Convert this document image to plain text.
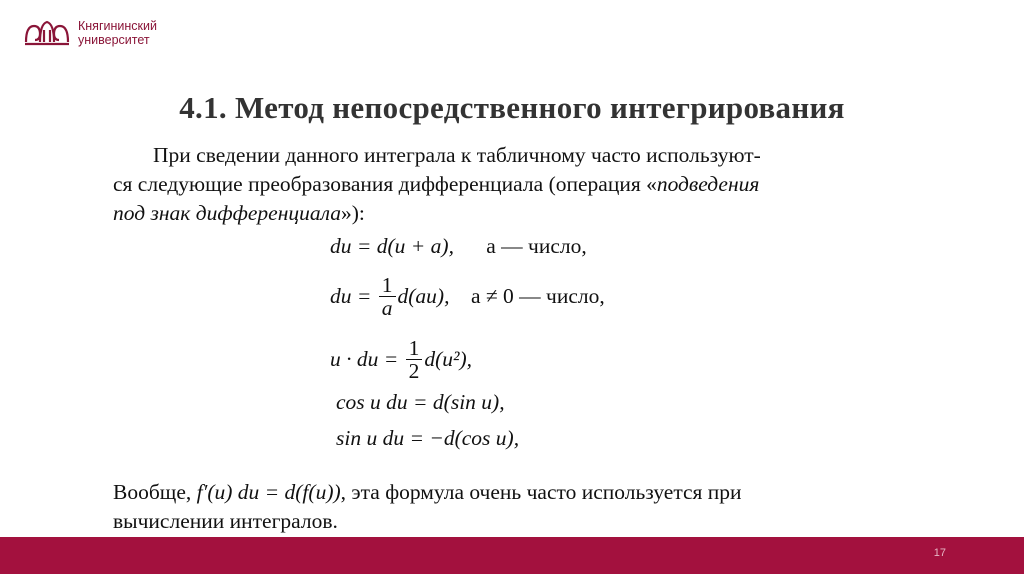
Княгининский
университет
4.1. Метод непосредственного интегрирования
При сведении данного интеграла к табличному часто используют-
ся следующие преобразования дифференциала (операция «подведения
под знак дифференциала»):
du = d(u + a),
a — число,
du = $\frac{1}{a} d(au)$,
a ≠ 0 — число,
u · du = $\frac{1}{2} d(u^2)$,
cos u du = d(sin u),
sin u du = −d(cos u),
Вообще, f′(u) du = d(f(u)), эта формула очень часто используется при
вычислении интегралов.
17
